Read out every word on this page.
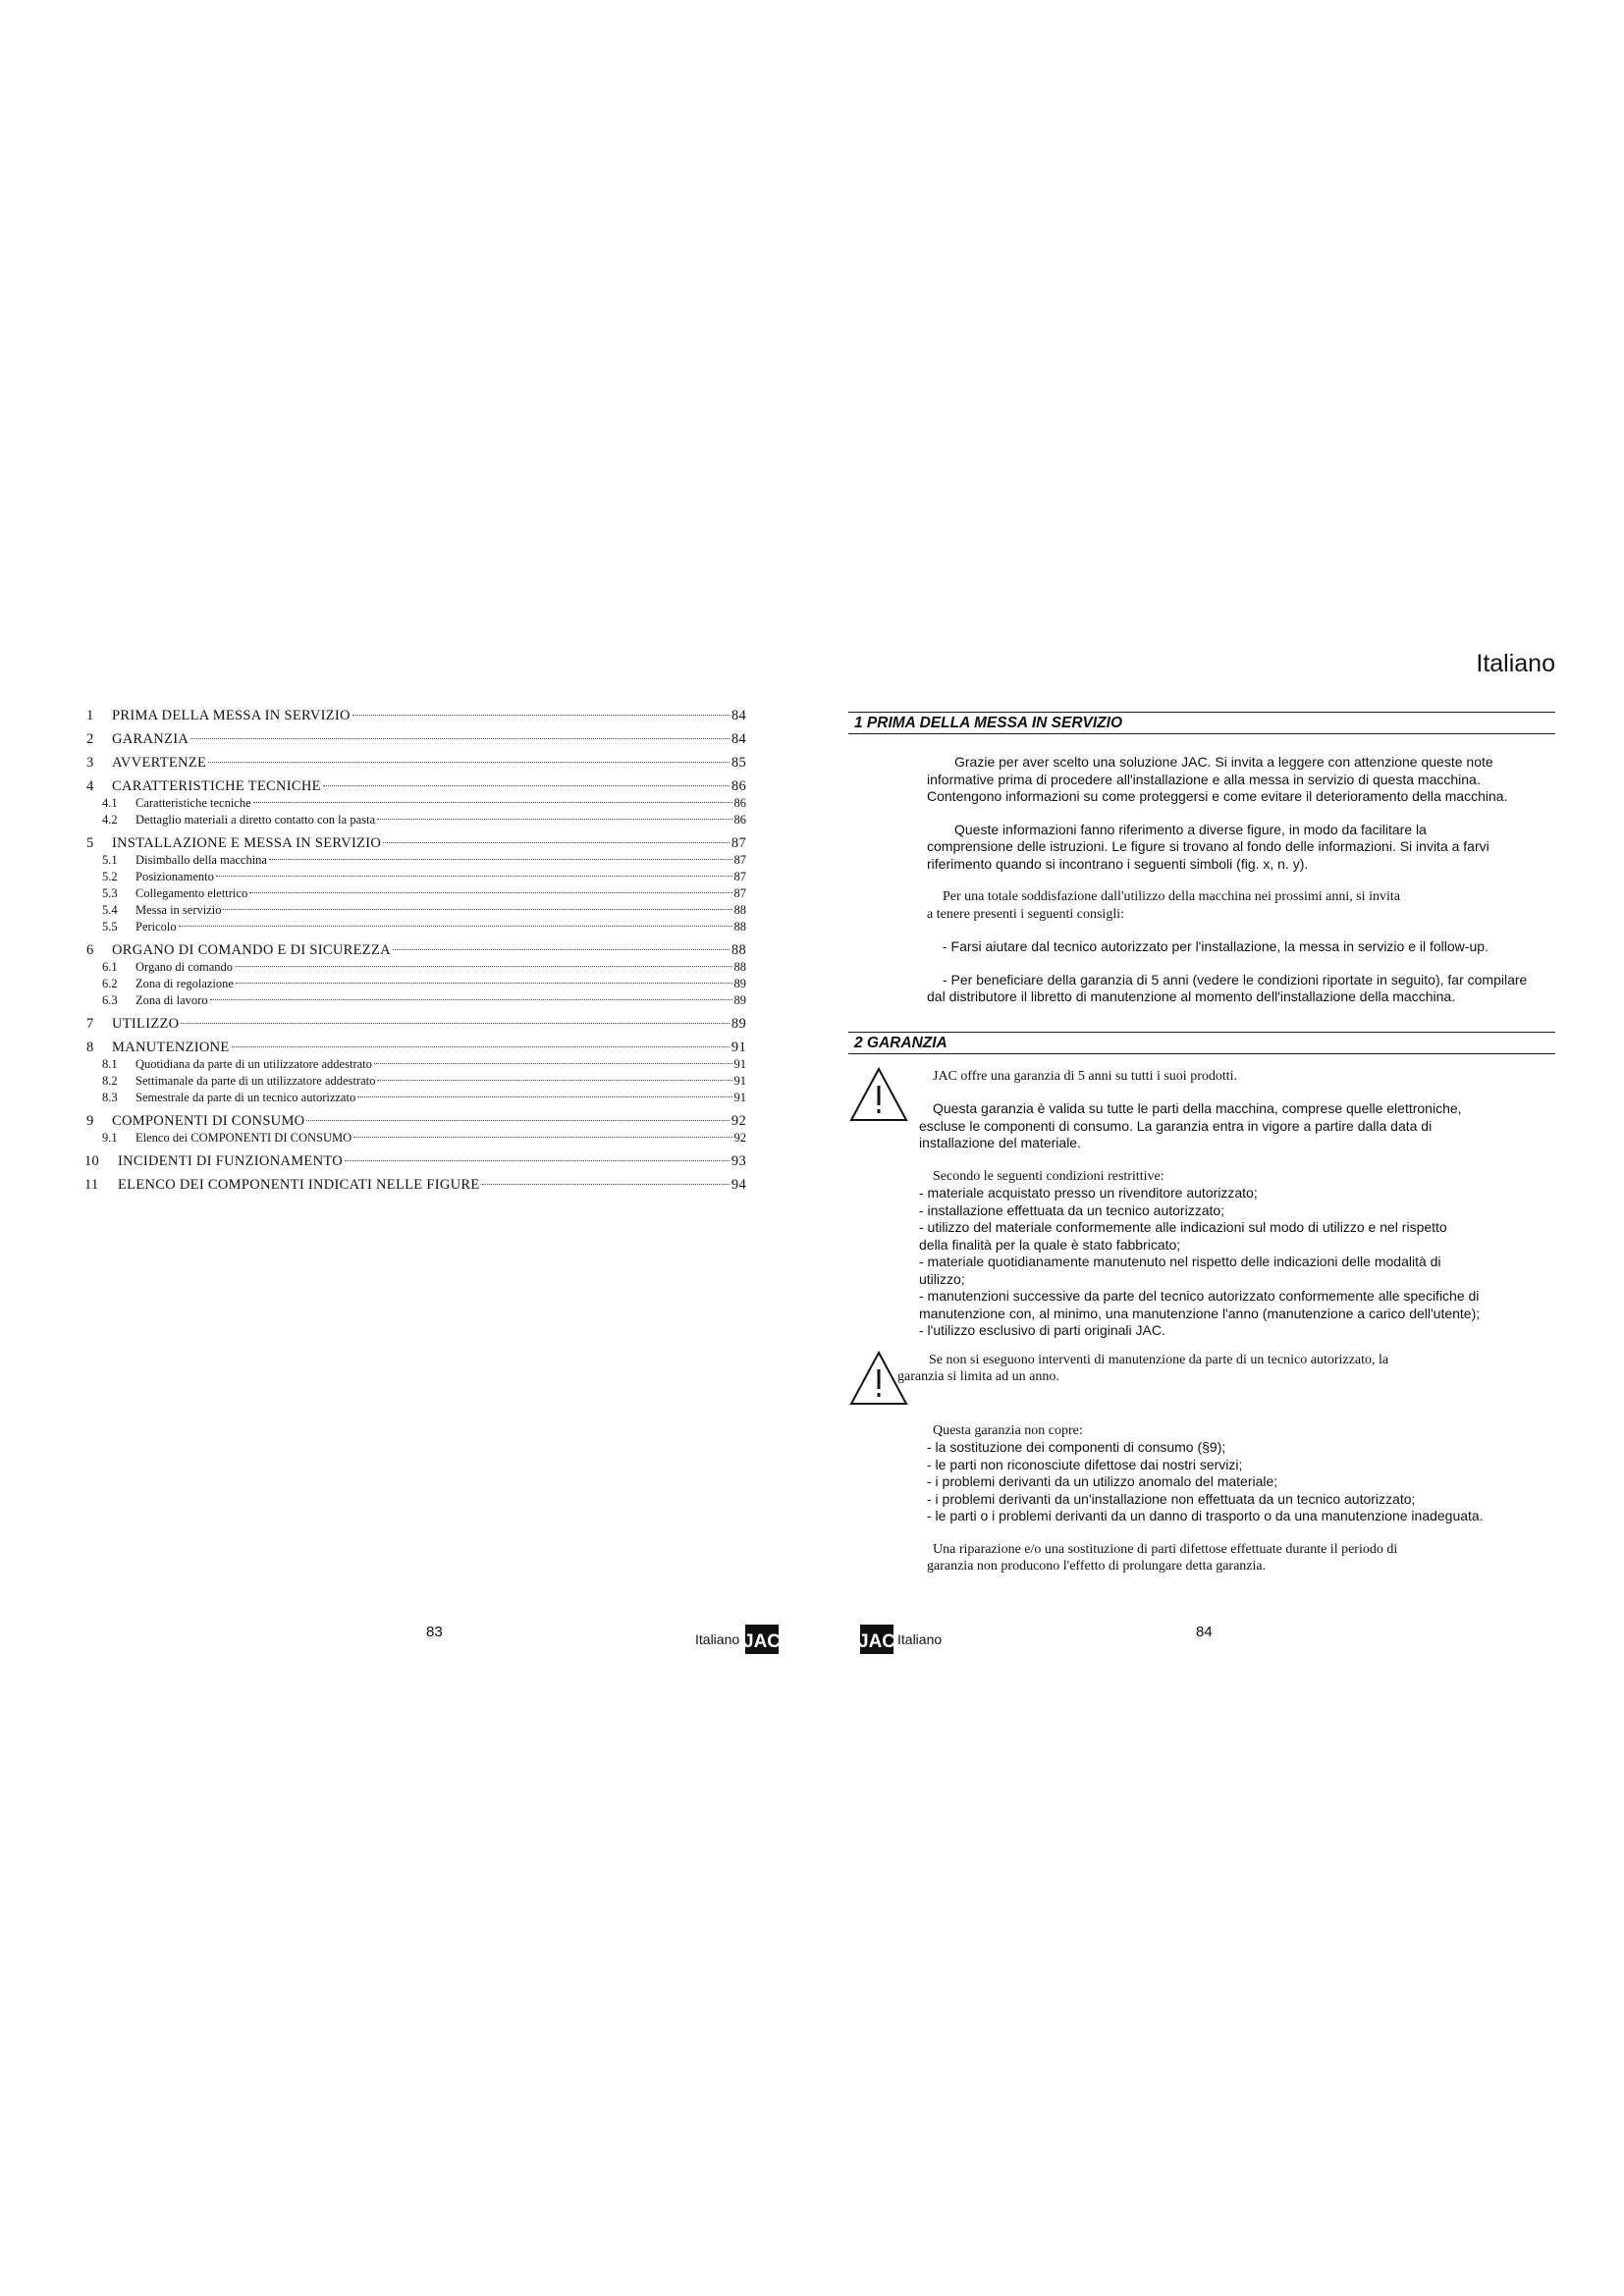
Italiano
1	PRIMA DELLA MESSA IN SERVIZIO	84
2	GARANZIA	84
3	AVVERTENZE	85
4	CARATTERISTICHE TECNICHE	86
4.1	Caratteristiche tecniche	86
4.2	Dettaglio materiali a diretto contatto con la pasta	86
5	INSTALLAZIONE E MESSA IN SERVIZIO	87
5.1	Disimballo della macchina	87
5.2	Posizionamento	87
5.3	Collegamento elettrico	87
5.4	Messa in servizio	88
5.5	Pericolo	88
6	ORGANO DI COMANDO E DI SICUREZZA	88
6.1	Organo di comando	88
6.2	Zona di regolazione	89
6.3	Zona di lavoro	89
7	UTILIZZO	89
8	MANUTENZIONE	91
8.1	Quotidiana da parte di un utilizzatore addestrato	91
8.2	Settimanale da parte di un utilizzatore addestrato	91
8.3	Semestrale da parte di un tecnico autorizzato	91
9	COMPONENTI DI CONSUMO	92
9.1	Elenco dei COMPONENTI DI CONSUMO	92
10	INCIDENTI DI FUNZIONAMENTO	93
11	ELENCO DEI COMPONENTI INDICATI NELLE FIGURE	94
1 PRIMA DELLA MESSA IN SERVIZIO
Grazie per aver scelto una soluzione JAC. Si invita a leggere con attenzione queste note
informative prima di procedere all'installazione e alla messa in servizio di questa macchina.
Contengono informazioni su come proteggersi e come evitare il deterioramento della macchina.
Queste informazioni fanno riferimento a diverse figure, in modo da facilitare la
comprensione delle istruzioni. Le figure si trovano al fondo delle informazioni. Si invita a farvi
riferimento quando si incontrano i seguenti simboli (fig. x, n. y).
Per una totale soddisfazione dall'utilizzo della macchina nei prossimi anni, si invita
a tenere presenti i seguenti consigli:
- Farsi aiutare dal tecnico autorizzato per l'installazione, la messa in servizio e il follow-up.
- Per beneficiare della garanzia di 5 anni (vedere le condizioni riportate in seguito), far compilare
dal distributore il libretto di manutenzione al momento dell'installazione della macchina.
2 GARANZIA
JAC offre una garanzia di 5 anni su tutti i suoi prodotti.
Questa garanzia è valida su tutte le parti della macchina, comprese quelle elettroniche,
escluse le componenti di consumo. La garanzia entra in vigore a partire dalla data di
installazione del materiale.
Secondo le seguenti condizioni restrittive:
- materiale acquistato presso un rivenditore autorizzato;
- installazione effettuata da un tecnico autorizzato;
- utilizzo del materiale conformemente alle indicazioni sul modo di utilizzo e nel rispetto
della finalità per la quale è stato fabbricato;
- materiale quotidianamente manutenuto nel rispetto delle indicazioni delle modalità di
utilizzo;
- manutenzioni successive da parte del tecnico autorizzato conformemente alle specifiche di
manutenzione con, al minimo, una manutenzione l'anno (manutenzione a carico dell'utente);
- l'utilizzo esclusivo di parti originali JAC.
Se non si eseguono interventi di manutenzione da parte di un tecnico autorizzato, la
garanzia si limita ad un anno.
Questa garanzia non copre:
- la sostituzione dei componenti di consumo (§9);
- le parti non riconosciute difettose dai nostri servizi;
- i problemi derivanti da un utilizzo anomalo del materiale;
- i problemi derivanti da un'installazione non effettuata da un tecnico autorizzato;
- le parti o i problemi derivanti da un danno di trasporto o da una manutenzione inadeguata.
Una riparazione e/o una sostituzione di parti difettose effettuate durante il periodo di
garanzia non producono l'effetto di prolungare detta garanzia.
83	84
Italiano JAC	JAC Italiano
